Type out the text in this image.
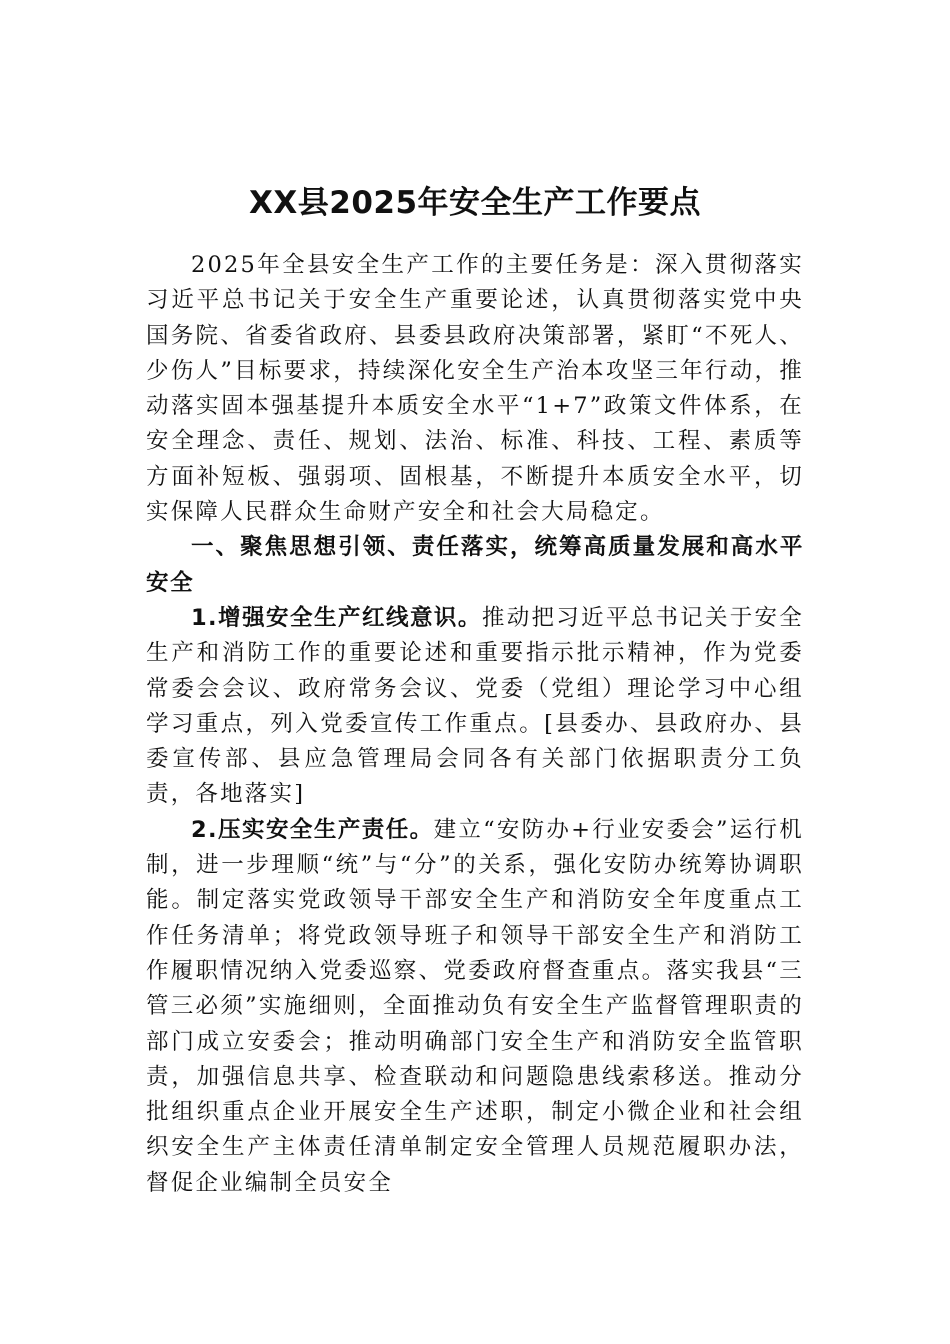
XX县2025年安全生产工作要点

2025年全县安全生产工作的主要任务是：深入贯彻落实习近平总书记关于安全生产重要论述，认真贯彻落实党中央国务院、省委省政府、县委县政府决策部署，紧盯“不死人、少伤人”目标要求，持续深化安全生产治本攻坚三年行动，推动落实固本强基提升本质安全水平“1+7”政策文件体系，在安全理念、责任、规划、法治、标准、科技、工程、素质等方面补短板、强弱项、固根基，不断提升本质安全水平，切实保障人民群众生命财产安全和社会大局稳定。

一、聚焦思想引领、责任落实，统筹高质量发展和高水平安全

1.增强安全生产红线意识。推动把习近平总书记关于安全生产和消防工作的重要论述和重要指示批示精神，作为党委常委会会议、政府常务会议、党委（党组）理论学习中心组学习重点，列入党委宣传工作重点。[县委办、县政府办、县委宣传部、县应急管理局会同各有关部门依据职责分工负责，各地落实]

2.压实安全生产责任。建立“安防办+行业安委会”运行机制，进一步理顺“统”与“分”的关系，强化安防办统筹协调职能。制定落实党政领导干部安全生产和消防安全年度重点工作任务清单；将党政领导班子和领导干部安全生产和消防工作履职情况纳入党委巡察、党委政府督查重点。落实我县“三管三必须”实施细则，全面推动负有安全生产监督管理职责的部门成立安委会；推动明确部门安全生产和消防安全监管职责，加强信息共享、检查联动和问题隐患线索移送。推动分批组织重点企业开展安全生产述职，制定小微企业和社会组织安全生产主体责任清单制定安全管理人员规范履职办法，督促企业编制全员安全
